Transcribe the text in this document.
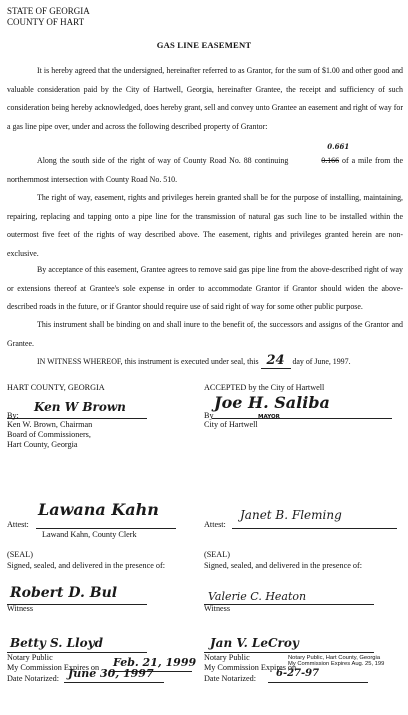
STATE OF GEORGIA
COUNTY OF HART
GAS LINE EASEMENT
It is hereby agreed that the undersigned, hereinafter referred to as Grantor, for the sum of $1.00 and other good and valuable consideration paid by the City of Hartwell, Georgia, hereinafter Grantee, the receipt and sufficiency of such consideration being hereby acknowledged, does hereby grant, sell and convey unto Grantee an easement and right of way for a gas line pipe over, under and across the following described property of Grantor:
Along the south side of the right of way of County Road No. 88 continuing	0.166
0.661
of a mile from the northernmost intersection with County Road No. 510.
The right of way, easement, rights and privileges herein granted shall be for the purpose of installing, maintaining, repairing, replacing and tapping onto a pipe line for the transmission of natural gas such line to be installed within the outermost five feet of the rights of way described above. The easement, rights and privileges granted herein are non-exclusive.
By acceptance of this easement, Grantee agrees to remove said gas pipe line from the above-described right of way or extensions thereof at Grantee's sole expense in order to accommodate Grantor if Grantor should widen the above-described roads in the future, or if Grantor should require use of said right of way for some other public purpose.
This instrument shall be binding on and shall inure to the benefit of, the successors and assigns of the Grantor and Grantee.
IN WITNESS WHEREOF, this instrument is executed under seal, this 24 day of June, 1997.
HART COUNTY, GEORGIA
Ken W Brown
By:
Ken W. Brown, Chairman
Board of Commissioners,
Hart County, Georgia
Lawana Kahn
Attest:
Lawand Kahn, County Clerk
(SEAL)
Signed, sealed, and delivered in the presence of:
Robert D. Bul
Witness
Betty S. Lloyd
Notary Public
My Commission Expires on Feb. 21, 1999
Date Notarized: June 30, 1997
ACCEPTED by the City of Hartwell
By
Joe H. Saliba
MAYOR
City of Hartwell
Attest:
Janet B. Fleming
(SEAL)
Signed, sealed, and delivered in the presence of:
Valerie C. Heaton
Witness
Jan V. LeCroy
Notary Public	Notary Public, Hart County, Georgia
My Commission Expires Aug. 25, 199
My Commission Expires on
Date Notarized: 6-27-97
